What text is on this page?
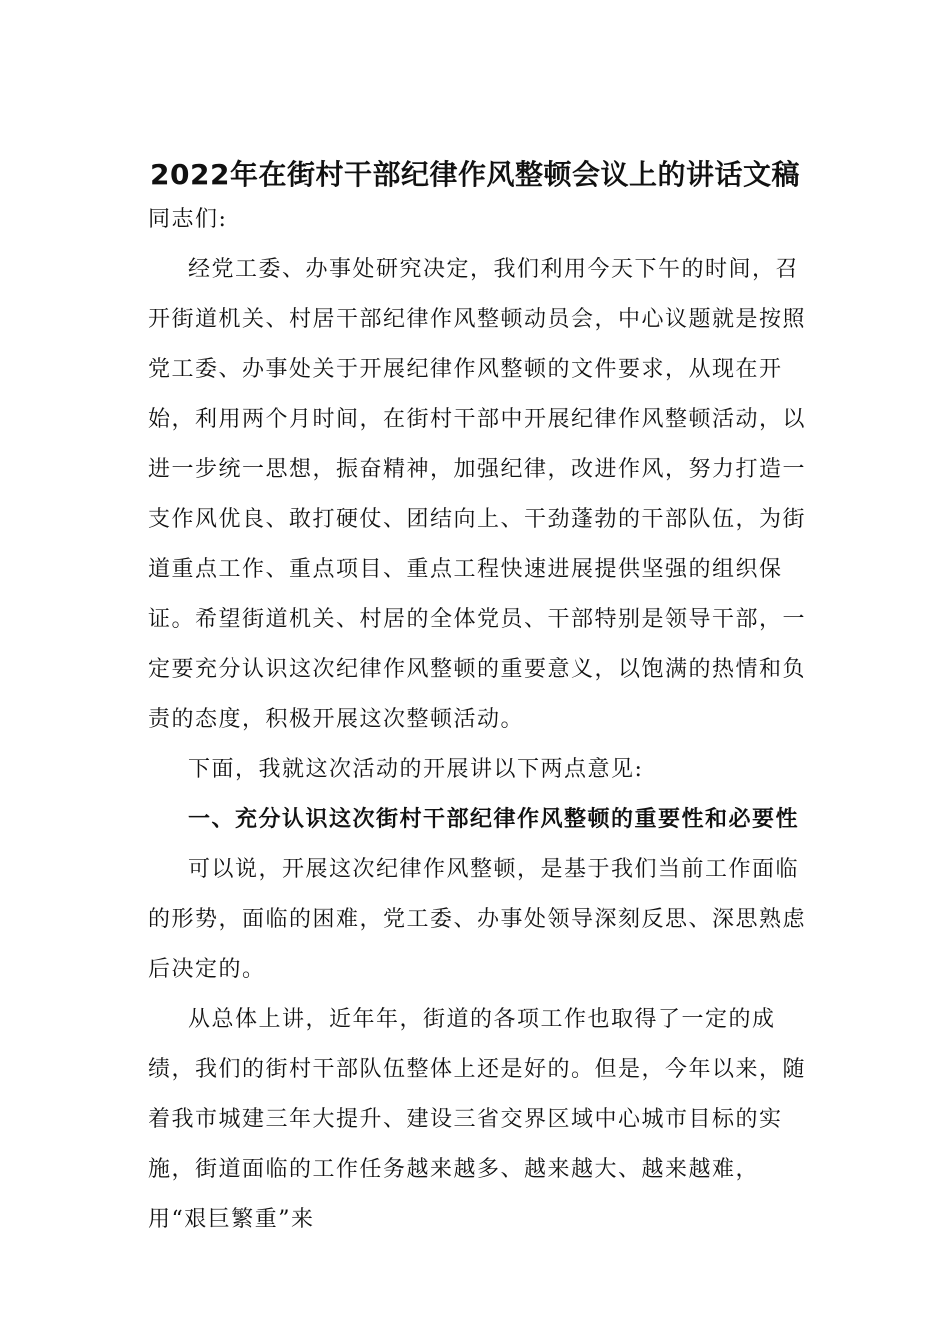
2022年在街村干部纪律作风整顿会议上的讲话文稿

同志们:

经党工委、办事处研究决定，我们利用今天下午的时间，召开街道机关、村居干部纪律作风整顿动员会，中心议题就是按照党工委、办事处关于开展纪律作风整顿的文件要求，从现在开始，利用两个月时间，在街村干部中开展纪律作风整顿活动，以进一步统一思想，振奋精神，加强纪律，改进作风，努力打造一支作风优良、敢打硬仗、团结向上、干劲蓬勃的干部队伍，为街道重点工作、重点项目、重点工程快速进展提供坚强的组织保证。希望街道机关、村居的全体党员、干部特别是领导干部，一定要充分认识这次纪律作风整顿的重要意义，以饱满的热情和负责的态度，积极开展这次整顿活动。

下面，我就这次活动的开展讲以下两点意见:

一、充分认识这次街村干部纪律作风整顿的重要性和必要性

可以说，开展这次纪律作风整顿，是基于我们当前工作面临的形势，面临的困难，党工委、办事处领导深刻反思、深思熟虑后决定的。

从总体上讲，近年年，街道的各项工作也取得了一定的成绩，我们的街村干部队伍整体上还是好的。但是，今年以来，随着我市城建三年大提升、建设三省交界区域中心城市目标的实施，街道面临的工作任务越来越多、越来越大、越来越难，用“艰巨繁重”来
